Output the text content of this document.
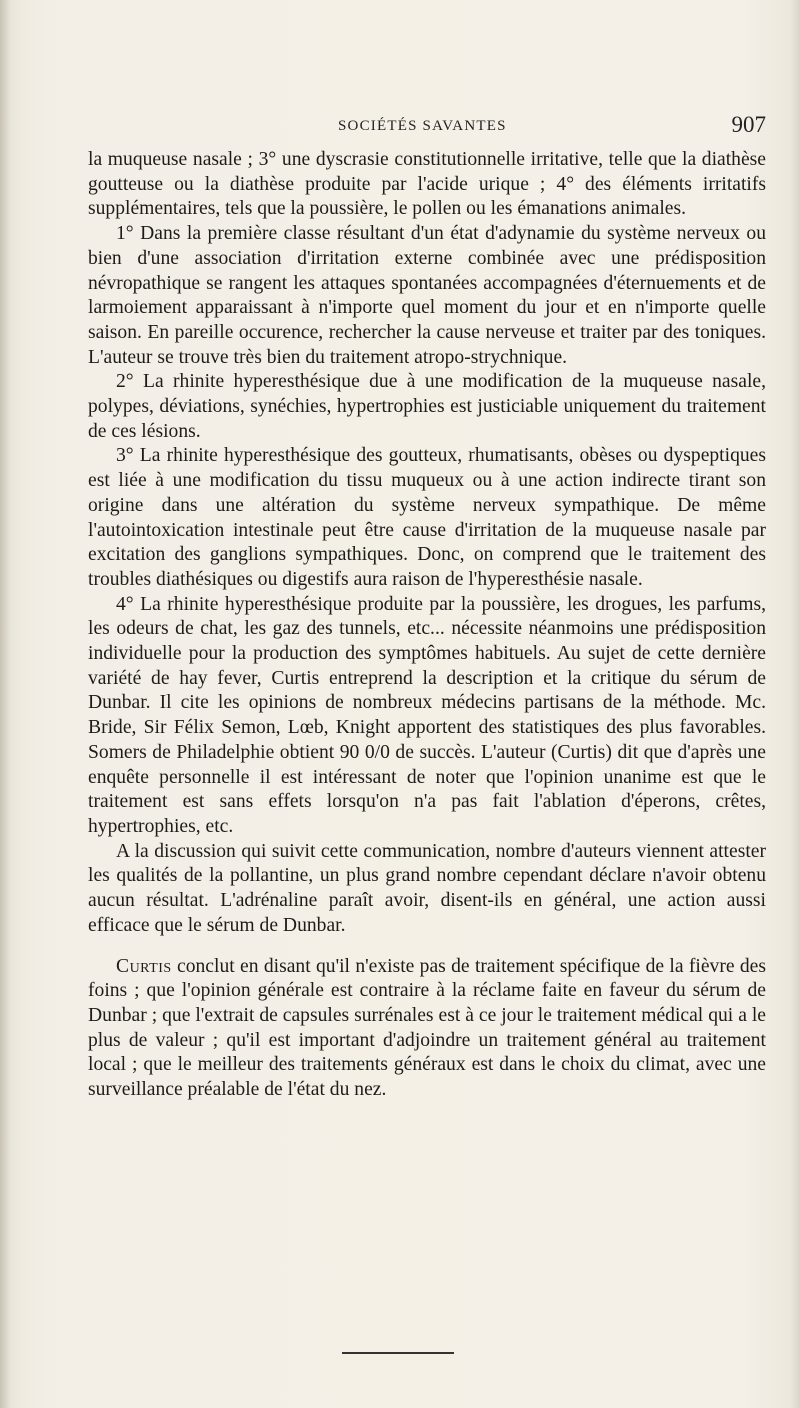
SOCIÉTÉS SAVANTES	907

la muqueuse nasale ; 3° une dyscrasie constitutionnelle irritative, telle que la diathèse goutteuse ou la diathèse produite par l'acide urique ; 4° des éléments irritatifs supplémentaires, tels que la poussière, le pollen ou les émanations animales.

1° Dans la première classe résultant d'un état d'adynamie du système nerveux ou bien d'une association d'irritation externe combinée avec une prédisposition névropathique se rangent les attaques spontanées accompagnées d'éternuements et de larmoiement apparaissant à n'importe quel moment du jour et en n'importe quelle saison. En pareille occurence, rechercher la cause nerveuse et traiter par des toniques. L'auteur se trouve très bien du traitement atropo-strychnique.

2° La rhinite hyperesthésique due à une modification de la muqueuse nasale, polypes, déviations, synéchies, hypertrophies est justiciable uniquement du traitement de ces lésions.

3° La rhinite hyperesthésique des goutteux, rhumatisants, obèses ou dyspeptiques est liée à une modification du tissu muqueux ou à une action indirecte tirant son origine dans une altération du système nerveux sympathique. De même l'autointoxication intestinale peut être cause d'irritation de la muqueuse nasale par excitation des ganglions sympathiques. Donc, on comprend que le traitement des troubles diathésiques ou digestifs aura raison de l'hyperesthésie nasale.

4° La rhinite hyperesthésique produite par la poussière, les drogues, les parfums, les odeurs de chat, les gaz des tunnels, etc... nécessite néanmoins une prédisposition individuelle pour la production des symptômes habituels. Au sujet de cette dernière variété de hay fever, Curtis entreprend la description et la critique du sérum de Dunbar. Il cite les opinions de nombreux médecins partisans de la méthode. Mc. Bride, Sir Félix Semon, Lœb, Knight apportent des statistiques des plus favorables. Somers de Philadelphie obtient 90 0/0 de succès. L'auteur (Curtis) dit que d'après une enquête personnelle il est intéressant de noter que l'opinion unanime est que le traitement est sans effets lorsqu'on n'a pas fait l'ablation d'éperons, crêtes, hypertrophies, etc.

A la discussion qui suivit cette communication, nombre d'auteurs viennent attester les qualités de la pollantine, un plus grand nombre cependant déclare n'avoir obtenu aucun résultat. L'adrénaline paraît avoir, disent-ils en général, une action aussi efficace que le sérum de Dunbar.

Curtis conclut en disant qu'il n'existe pas de traitement spécifique de la fièvre des foins ; que l'opinion générale est contraire à la réclame faite en faveur du sérum de Dunbar ; que l'extrait de capsules surrénales est à ce jour le traitement médical qui a le plus de valeur ; qu'il est important d'adjoindre un traitement général au traitement local ; que le meilleur des traitements généraux est dans le choix du climat, avec une surveillance préalable de l'état du nez.
